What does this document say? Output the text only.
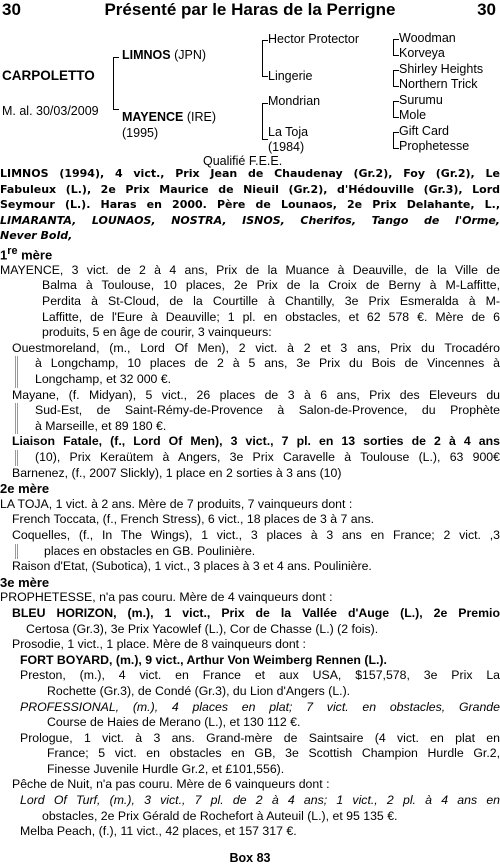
30	Présenté par le Haras de la Perrigne	30
CARPOLETTO
M. al. 30/03/2009
LIMNOS (JPN)
MAYENCE (IRE)
(1995)
Hector Protector
Lingerie
Mondrian
La Toja
(1984)
Woodman
Korveya
Shirley Heights
Northern Trick
Surumu
Mole
Gift Card
Prophetesse
Qualifié F.E.E.
LIMNOS (1994), 4 vict., Prix Jean de Chaudenay (Gr.2), Foy (Gr.2), Le
Fabuleux (L.), 2e Prix Maurice de Nieuil (Gr.2), d'Hédouville (Gr.3), Lord
Seymour (L.). Haras en 2000. Père de Lounaos, 2e Prix Delahante, L.,
LIMARANTA, LOUNAOS, NOSTRA, ISNOS, Cherifos, Tango de l'Orme,
Never Bold,
1re mère
MAYENCE, 3 vict. de 2 à 4 ans, Prix de la Muance à Deauville, de la Ville de
Balma à Toulouse, 10 places, 2e Prix de la Croix de Berny à M-Laffitte,
Perdita à St-Cloud, de la Courtille à Chantilly, 3e Prix Esmeralda à M-
Laffitte, de l'Eure à Deauville; 1 pl. en obstacles, et 62 578 €. Mère de 6
produits, 5 en âge de courir, 3 vainqueurs:
Ouestmoreland, (m., Lord Of Men), 2 vict. à 2 et 3 ans, Prix du Trocadéro
à Longchamp, 10 places de 2 à 5 ans, 3e Prix du Bois de Vincennes à
Longchamp, et 32 000 €.
Mayane, (f. Midyan), 5 vict., 26 places de 3 à 6 ans, Prix des Eleveurs du
Sud-Est, de Saint-Rémy-de-Provence à Salon-de-Provence, du Prophète
à Marseille, et 89 180 €.
Liaison Fatale, (f., Lord Of Men), 3 vict., 7 pl. en 13 sorties de 2 à 4 ans
(10), Prix Keraütem à Angers, 3e Prix Caravelle à Toulouse (L.), 63 900€
Barnenez, (f., 2007 Slickly), 1 place en 2 sorties à 3 ans (10)
2e mère
LA TOJA, 1 vict. à 2 ans. Mère de 7 produits, 7 vainqueurs dont :
French Toccata, (f., French Stress), 6 vict., 18 places de 3 à 7 ans.
Coquelles, (f., In The Wings), 1 vict., 3 places à 3 ans en France; 2 vict. ,3
places en obstacles en GB. Poulinière.
Raison d'Etat, (Subotica), 1 vict., 3 places à 3 et 4 ans. Poulinière.
3e mère
PROPHETESSE, n'a pas couru. Mère de 4 vainqueurs dont :
BLEU HORIZON, (m.), 1 vict., Prix de la Vallée d'Auge (L.), 2e Premio
Certosa (Gr.3), 3e Prix Yacowlef (L.), Cor de Chasse (L.) (2 fois).
Prosodie, 1 vict., 1 place. Mère de 8 vainqueurs dont :
FORT BOYARD, (m.), 9 vict., Arthur Von Weimberg Rennen (L.).
Preston, (m.), 4 vict. en France et aux USA, $157,578, 3e Prix La
Rochette (Gr.3), de Condé (Gr.3), du Lion d'Angers (L.).
PROFESSIONAL, (m.), 4 places en plat; 7 vict. en obstacles, Grande
Course de Haies de Merano (L.), et 130 112 €.
Prologue, 1 vict. à 3 ans. Grand-mère de Saintsaire (4 vict. en plat en
France; 5 vict. en obstacles en GB, 3e Scottish Champion Hurdle Gr.2,
Finesse Juvenile Hurdle Gr.2, et £101,556).
Pêche de Nuit, n'a pas couru. Mère de 6 vainqueurs dont :
Lord Of Turf, (m.), 3 vict., 7 pl. de 2 à 4 ans; 1 vict., 2 pl. à 4 ans en
obstacles, 2e Prix Gérald de Rochefort à Auteuil (L.), et 95 135 €.
Melba Peach, (f.), 11 vict., 42 places, et 157 317 €.
Box 83
